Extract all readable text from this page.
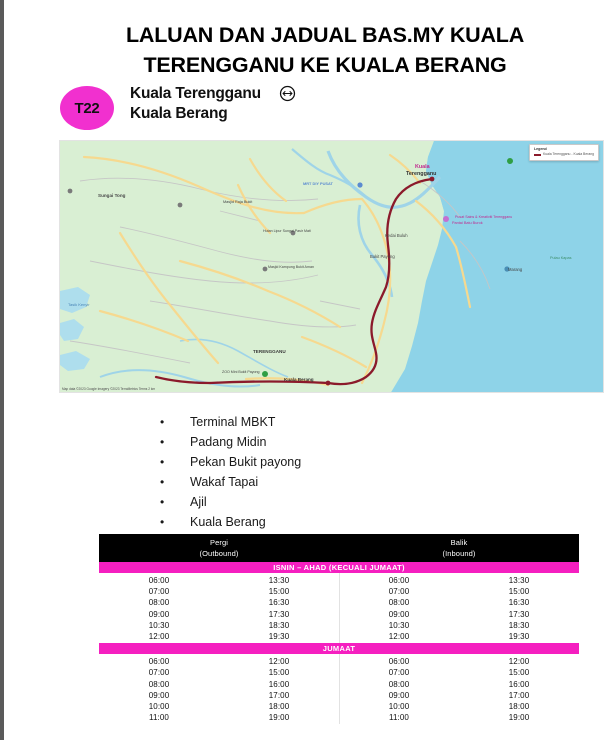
LALUAN DAN JADUAL BAS.MY KUALA TERENGGANU KE KUALA BERANG
T22
Kuala Terengganu
Kuala Berang
Sungai Tong
MRT DIY PUSAT
Kuala
Terengganu
Kedai Buluh
Bukit Payong
Masjid Raja Bukit
Hutan Lipur Sungai Pasir Mati
Masjid Kampung Bukit Aman
TERENGGANU
Kuala Berang
Tasik Kenyir
ZOO Mini Bukit Payong
Pantai Batu Burok
Pusat Sains & Kreativiti Terengganu
Marang
Pulau Kapas
Legend
Kuala Terengganu - Kuala Berang
Map data ©2023 Google Imagery ©2023 TerraMetrics Terms 2 km
• Terminal MBKT
• Padang Midin
• Pekan Bukit payong
• Wakaf Tapai
• Ajil
• Kuala Berang
Pergi
(Outbound)
Balik
(Inbound)
ISNIN – AHAD (KECUALI JUMAAT)
06:00
07:00
08:00
09:00
10:30
12:00
13:30
15:00
16:30
17:30
18:30
19:30
06:00
07:00
08:00
09:00
10:30
12:00
13:30
15:00
16:30
17:30
18:30
19:30
JUMAAT
06:00
07:00
08:00
09:00
10:00
11:00
12:00
15:00
16:00
17:00
18:00
19:00
06:00
07:00
08:00
09:00
10:00
11:00
12:00
15:00
16:00
17:00
18:00
19:00
